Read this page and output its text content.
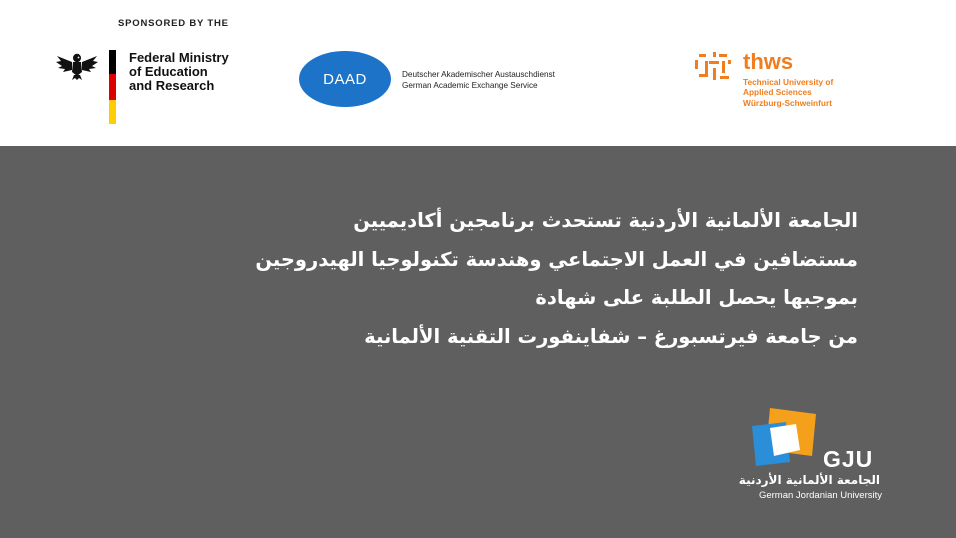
SPONSORED BY THE
Federal Ministry
of Education
and Research	DAAD	Deutscher Akademischer Austauschdienst
German Academic Exchange Service
thws
Technical University of
Applied Sciences
Würzburg-Schweinfurt
الجامعة الألمانية الأردنية تستحدث برنامجين أكاديميين
مستضافين في العمل الاجتماعي وهندسة تكنولوجيا الهيدروجين
بموجبها يحصل الطلبة على شهادة
من جامعة فيرتسبورغ – شفاينفورت التقنية الألمانية
GJU
الجامعة الألمانية الأردنية
German Jordanian University
